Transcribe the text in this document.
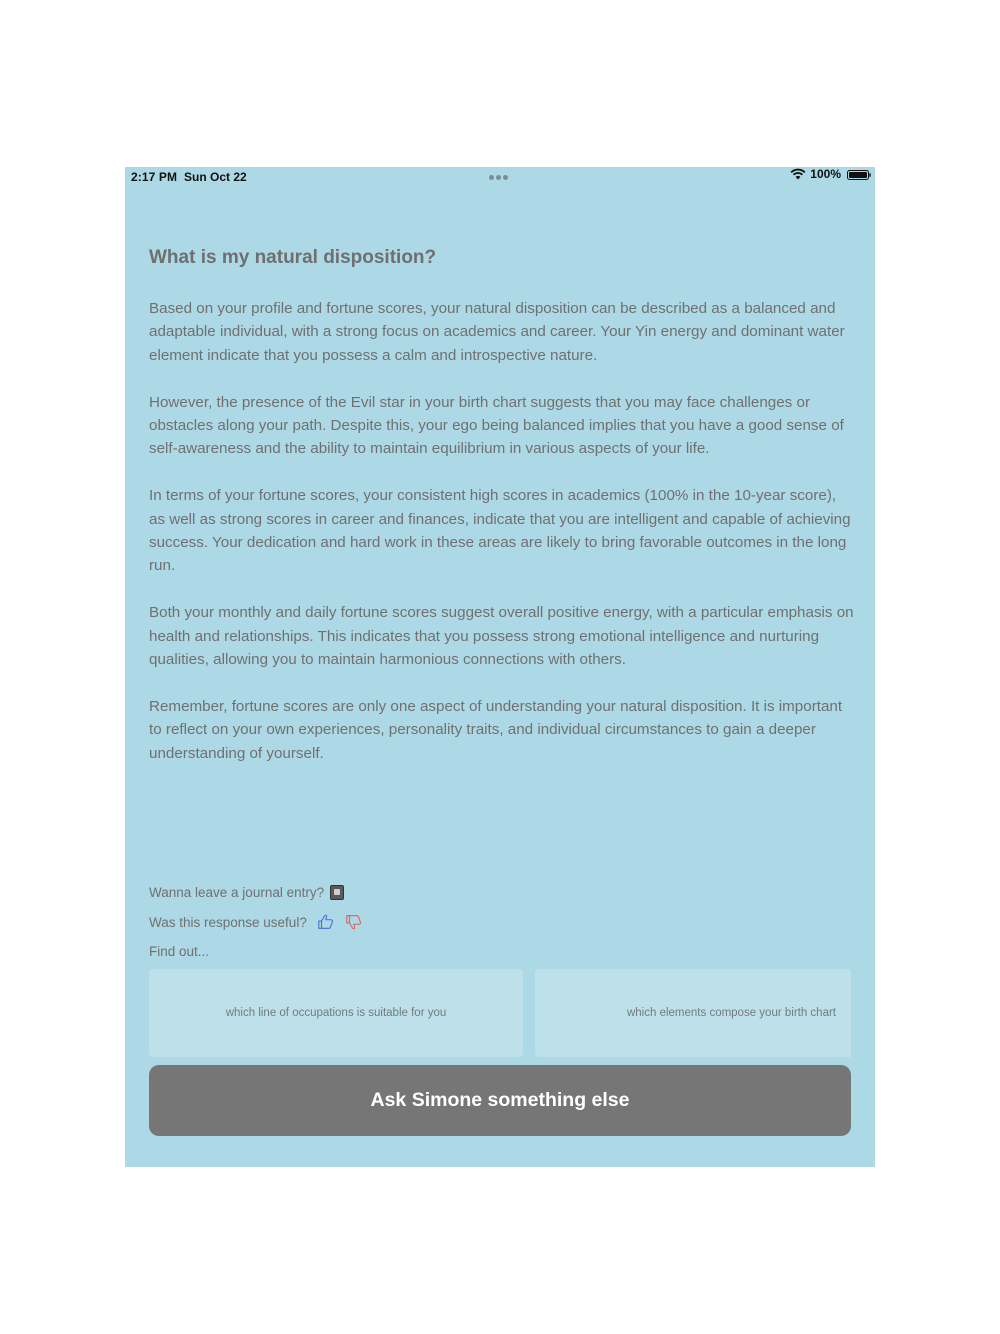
2:17 PM Sun Oct 22	100%
What is my natural disposition?

Based on your profile and fortune scores, your natural disposition can be described as a balanced and adaptable individual, with a strong focus on academics and career. Your Yin energy and dominant water element indicate that you possess a calm and introspective nature.

However, the presence of the Evil star in your birth chart suggests that you may face challenges or obstacles along your path. Despite this, your ego being balanced implies that you have a good sense of self-awareness and the ability to maintain equilibrium in various aspects of your life.

In terms of your fortune scores, your consistent high scores in academics (100% in the 10-year score), as well as strong scores in career and finances, indicate that you are intelligent and capable of achieving success. Your dedication and hard work in these areas are likely to bring favorable outcomes in the long run.

Both your monthly and daily fortune scores suggest overall positive energy, with a particular emphasis on health and relationships. This indicates that you possess strong emotional intelligence and nurturing qualities, allowing you to maintain harmonious connections with others.

Remember, fortune scores are only one aspect of understanding your natural disposition. It is important to reflect on your own experiences, personality traits, and individual circumstances to gain a deeper understanding of yourself.

Wanna leave a journal entry?
Was this response useful?
Find out...
which line of occupations is suitable for you	which elements compose your birth chart
Ask Simone something else
